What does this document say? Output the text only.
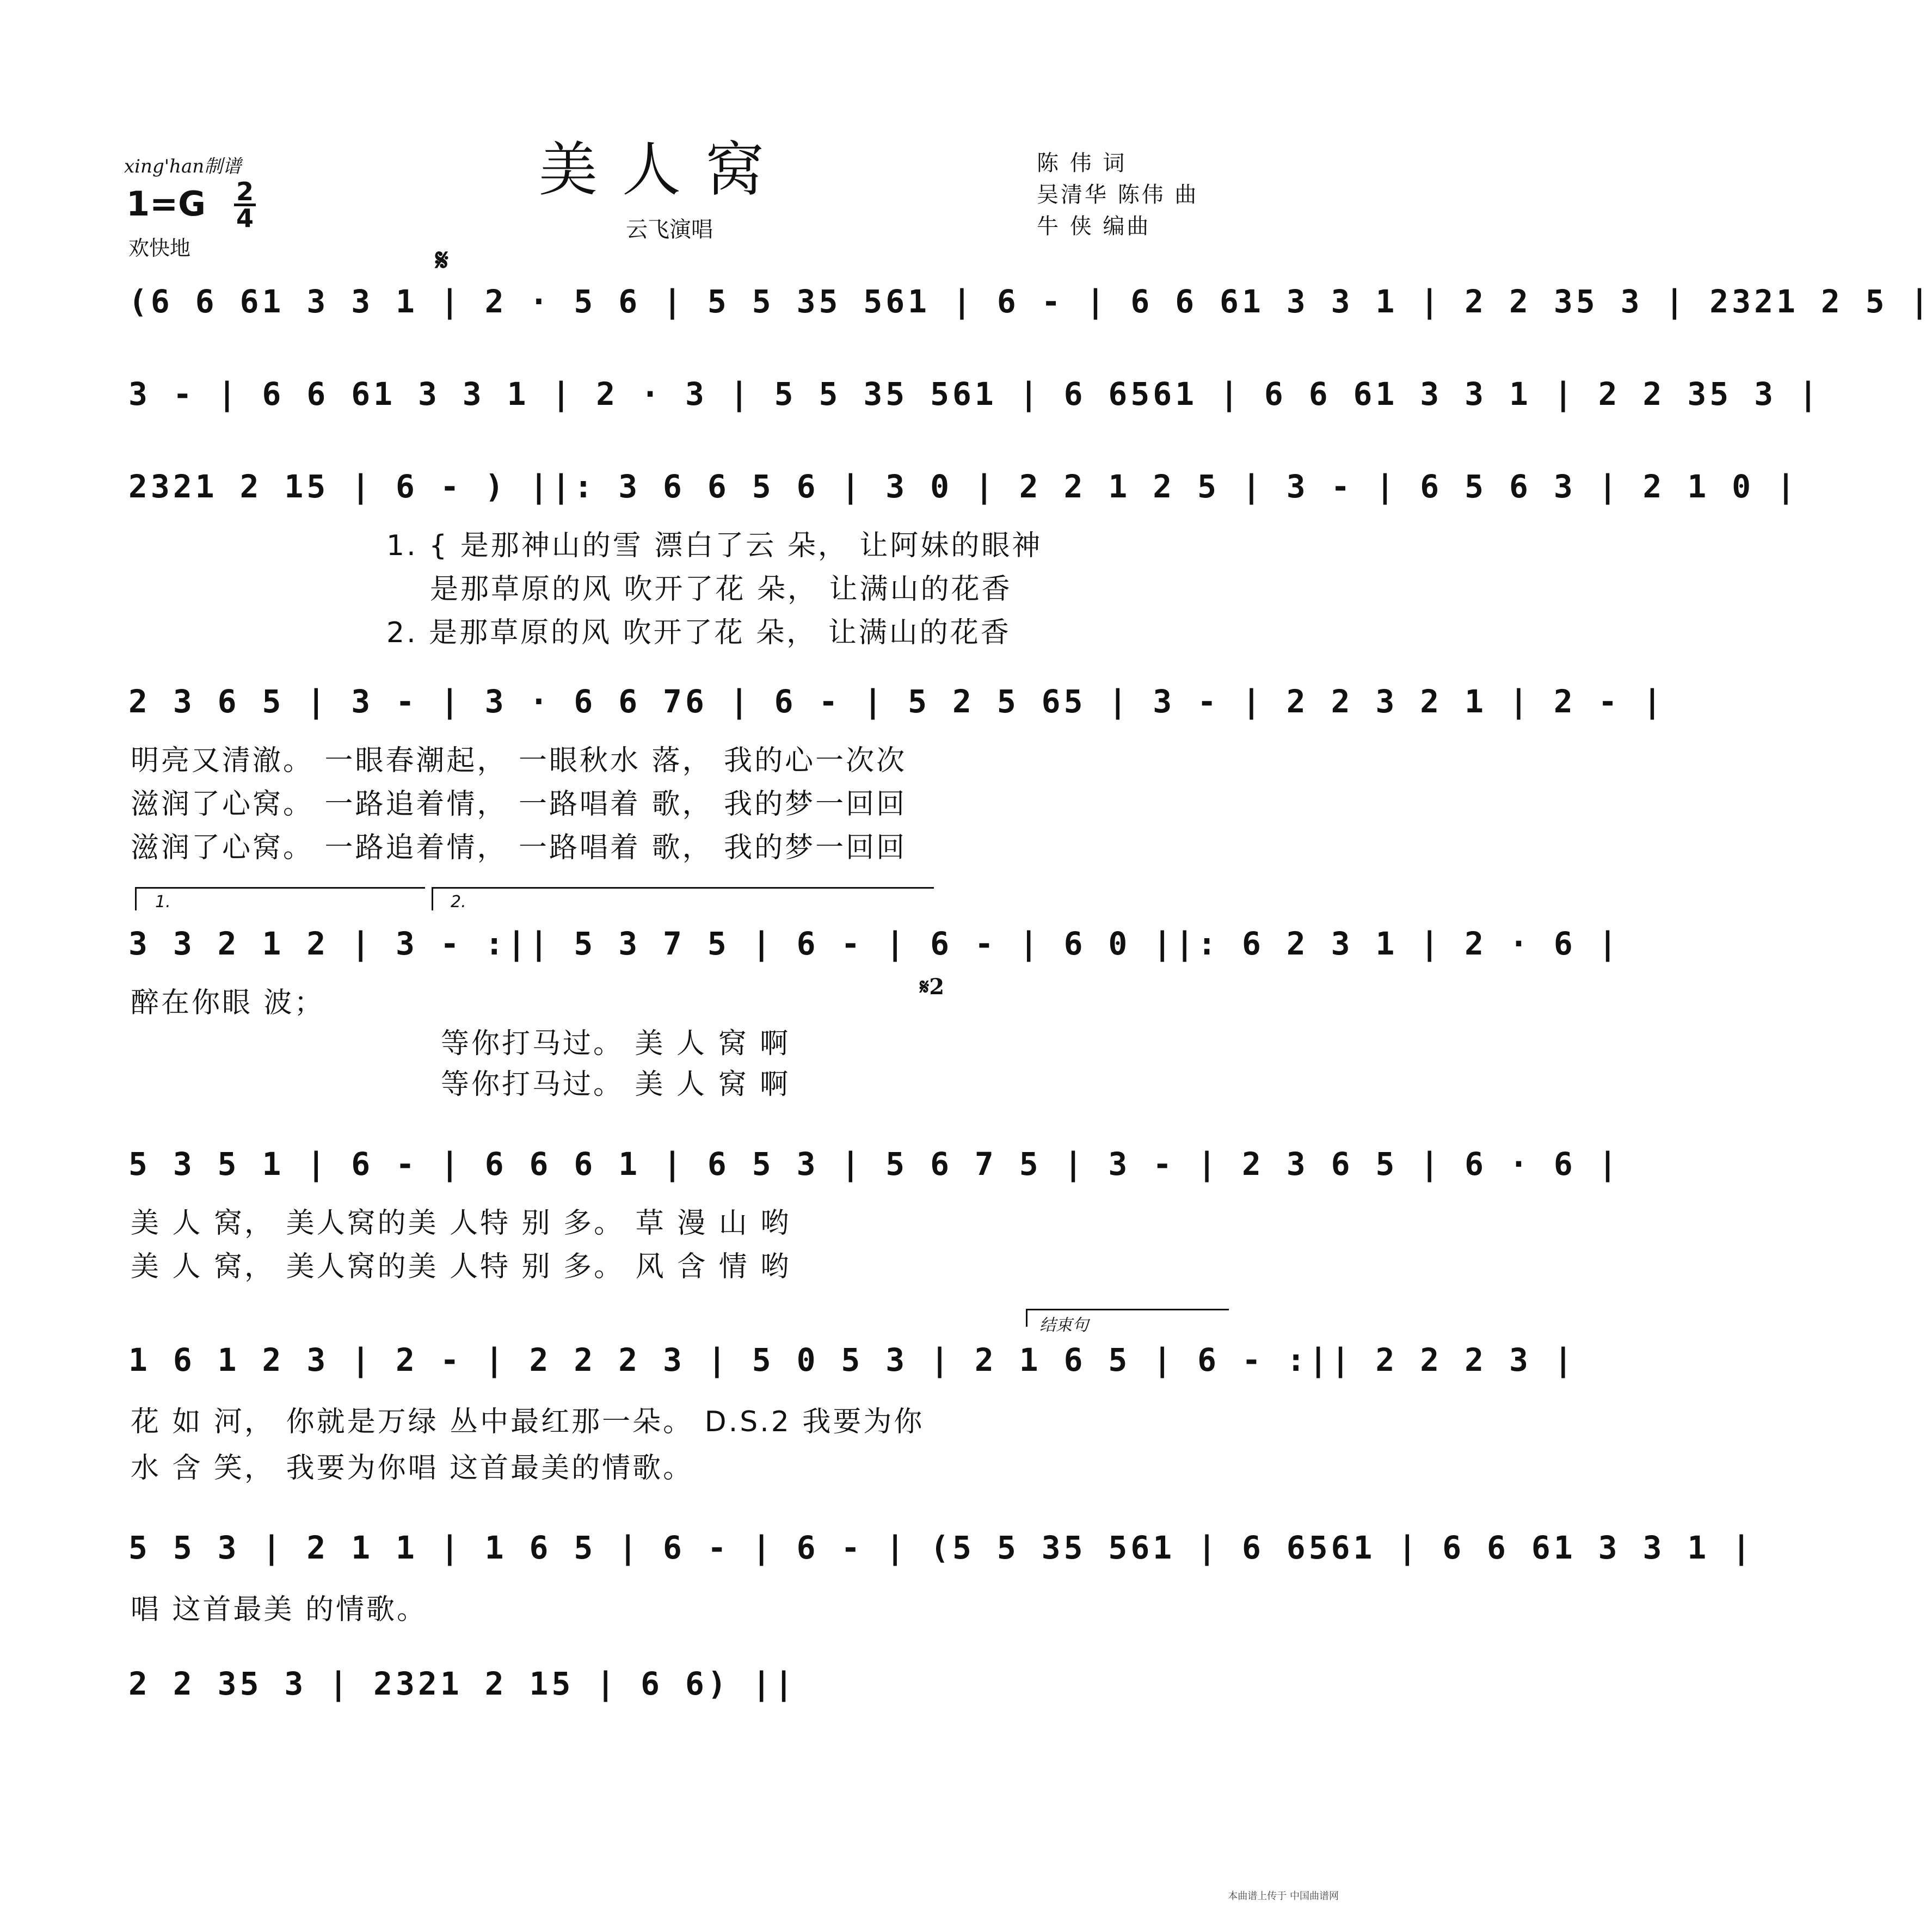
xing'han制谱	美人窝
云飞演唱
1=G 2
4
欢快地
陈 伟 词
吴清华 陈伟 曲
牛 侠 编曲
𝄋
𝄋2
(6 6 61 3 3 1 | 2 · 5 6 | 5 5 35 561 | 6 - | 6 6 61 3 3 1 | 2 2 35 3 | 2321 2 5 |
3 - | 6 6 61 3 3 1 | 2 · 3 | 5 5 35 561 | 6 6561 | 6 6 61 3 3 1 | 2 2 35 3 |
2321 2 15 | 6 - ) ||: 3 6 6 5 6 | 3 0 | 2 2 1 2 5 | 3 - | 6 5 6 3 | 2 1 0 |
1. { 是那神山的雪 漂白了云 朵， 让阿妹的眼神
是那草原的风 吹开了花 朵， 让满山的花香
2. 是那草原的风 吹开了花 朵， 让满山的花香
2 3 6 5 | 3 - | 3 · 6 6 76 | 6 - | 5 2 5 65 | 3 - | 2 2 3 2 1 | 2 - |
明亮又清澈。 一眼春潮起， 一眼秋水 落， 我的心一次次
滋润了心窝。 一路追着情， 一路唱着 歌， 我的梦一回回
滋润了心窝。 一路追着情， 一路唱着 歌， 我的梦一回回
1.	2.
3 3 2 1 2 | 3 - :|| 5 3 7 5 | 6 - | 6 - | 6 0 ||: 6 2 3 1 | 2 · 6 |
醉在你眼 波；
等你打马过。 美 人 窝 啊
等你打马过。 美 人 窝 啊
5 3 5 1 | 6 - | 6 6 6 1 | 6 5 3 | 5 6 7 5 | 3 - | 2 3 6 5 | 6 · 6 |
美 人 窝， 美人窝的美 人特 别 多。 草 漫 山 哟
美 人 窝， 美人窝的美 人特 别 多。 风 含 情 哟
结束句
1 6 1 2 3 | 2 - | 2 2 2 3 | 5 0 5 3 | 2 1 6 5 | 6 - :|| 2 2 2 3 |
花 如 河， 你就是万绿 丛中最红那一朵。 D.S.2 我要为你
水 含 笑， 我要为你唱 这首最美的情歌。
5 5 3 | 2 1 1 | 1 6 5 | 6 - | 6 - | (5 5 35 561 | 6 6561 | 6 6 61 3 3 1 |
唱 这首最美 的情歌。
2 2 35 3 | 2321 2 15 | 6 6) ||
本曲谱上传于 中国曲谱网
